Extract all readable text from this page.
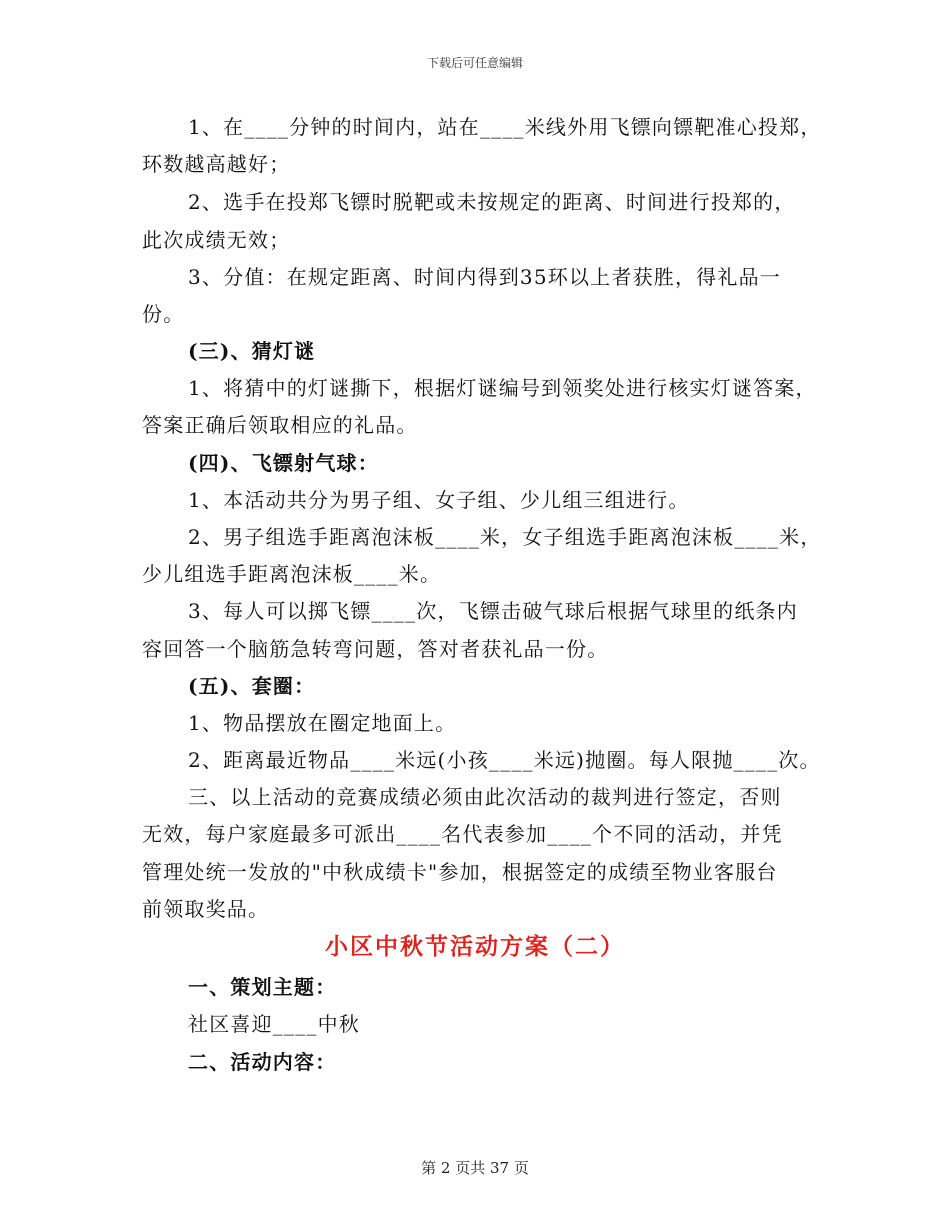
下载后可任意编辑
1、在____分钟的时间内，站在____米线外用飞镖向镖靶准心投郑，
环数越高越好；
2、选手在投郑飞镖时脱靶或未按规定的距离、时间进行投郑的，
此次成绩无效；
3、分值：在规定距离、时间内得到35环以上者获胜，得礼品一
份。
(三)、猜灯谜
1、将猜中的灯谜撕下，根据灯谜编号到领奖处进行核实灯谜答案，
答案正确后领取相应的礼品。
(四)、飞镖射气球：
1、本活动共分为男子组、女子组、少儿组三组进行。
2、男子组选手距离泡沫板____米，女子组选手距离泡沫板____米，
少儿组选手距离泡沫板____米。
3、每人可以掷飞镖____次，飞镖击破气球后根据气球里的纸条内
容回答一个脑筋急转弯问题，答对者获礼品一份。
(五)、套圈：
1、物品摆放在圈定地面上。
2、距离最近物品____米远(小孩____米远)抛圈。每人限抛____次。
三、以上活动的竞赛成绩必须由此次活动的裁判进行签定，否则
无效，每户家庭最多可派出____名代表参加____个不同的活动，并凭
管理处统一发放的"中秋成绩卡"参加，根据签定的成绩至物业客服台
前领取奖品。
小区中秋节活动方案（二）
一、策划主题：
社区喜迎____中秋
二、活动内容：
第 2 页共 37 页
